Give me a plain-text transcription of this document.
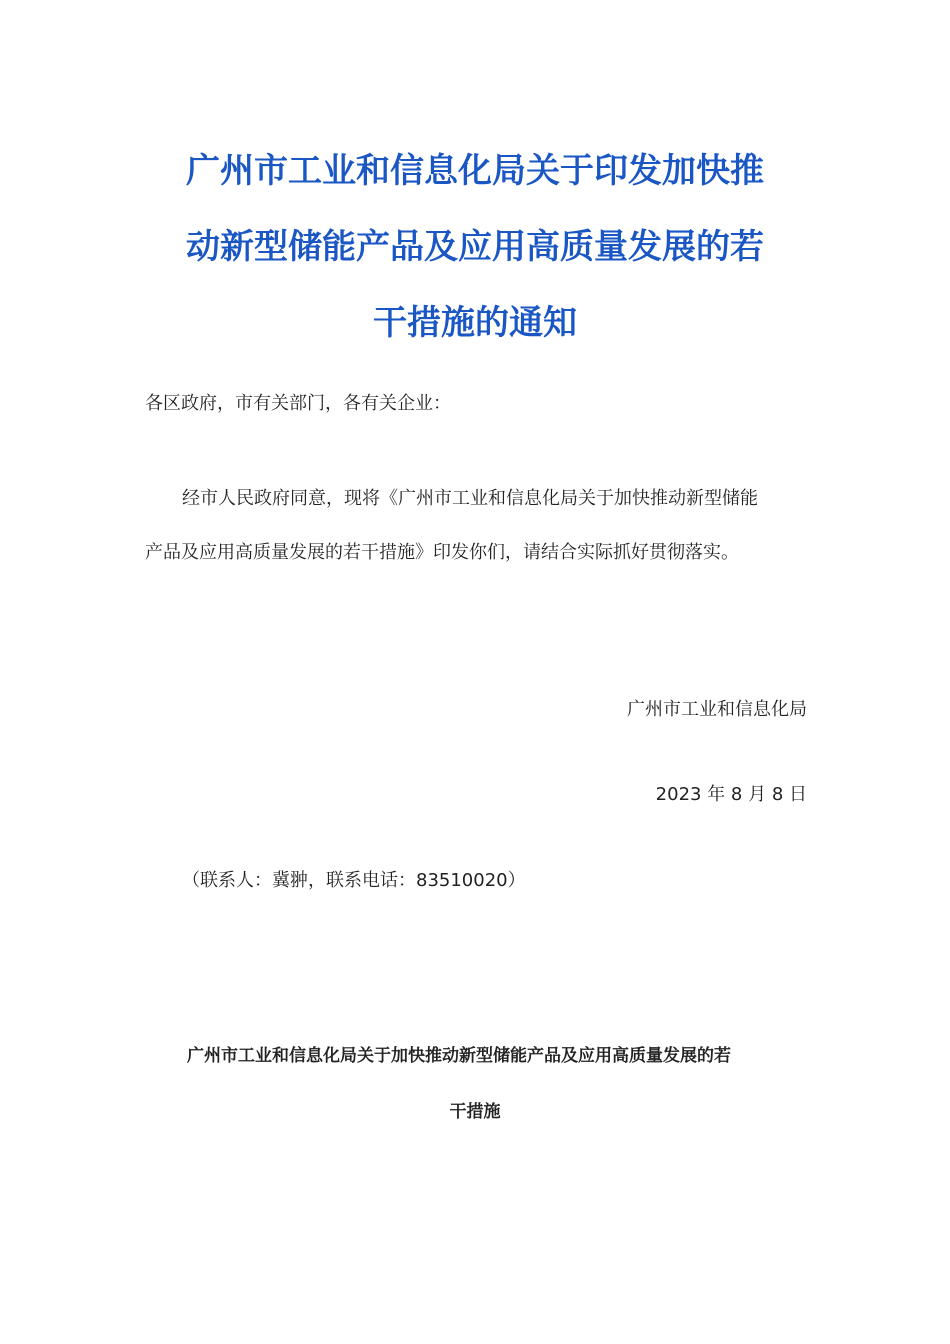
广州市工业和信息化局关于印发加快推
动新型储能产品及应用高质量发展的若
干措施的通知
各区政府，市有关部门，各有关企业：
经市人民政府同意，现将《广州市工业和信息化局关于加快推动新型储能
产品及应用高质量发展的若干措施》印发你们，请结合实际抓好贯彻落实。
广州市工业和信息化局
2023 年 8 月 8 日
（联系人：冀翀，联系电话：83510020）
广州市工业和信息化局关于加快推动新型储能产品及应用高质量发展的若
干措施
